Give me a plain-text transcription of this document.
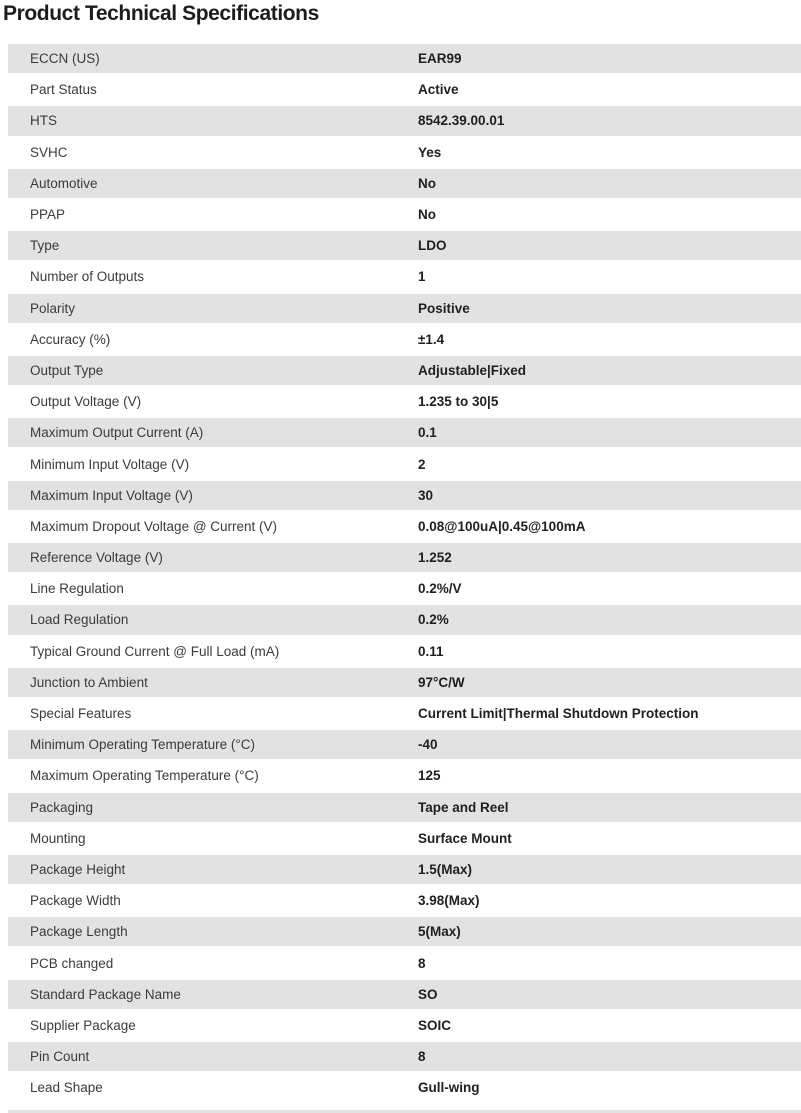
Product Technical Specifications
ECCN (US)	EAR99
Part Status	Active
HTS	8542.39.00.01
SVHC	Yes
Automotive	No
PPAP	No
Type	LDO
Number of Outputs	1
Polarity	Positive
Accuracy (%)	±1.4
Output Type	Adjustable|Fixed
Output Voltage (V)	1.235 to 30|5
Maximum Output Current (A)	0.1
Minimum Input Voltage (V)	2
Maximum Input Voltage (V)	30
Maximum Dropout Voltage @ Current (V)	0.08@100uA|0.45@100mA
Reference Voltage (V)	1.252
Line Regulation	0.2%/V
Load Regulation	0.2%
Typical Ground Current @ Full Load (mA)	0.11
Junction to Ambient	97°C/W
Special Features	Current Limit|Thermal Shutdown Protection
Minimum Operating Temperature (°C)	-40
Maximum Operating Temperature (°C)	125
Packaging	Tape and Reel
Mounting	Surface Mount
Package Height	1.5(Max)
Package Width	3.98(Max)
Package Length	5(Max)
PCB changed	8
Standard Package Name	SO
Supplier Package	SOIC
Pin Count	8
Lead Shape	Gull-wing
